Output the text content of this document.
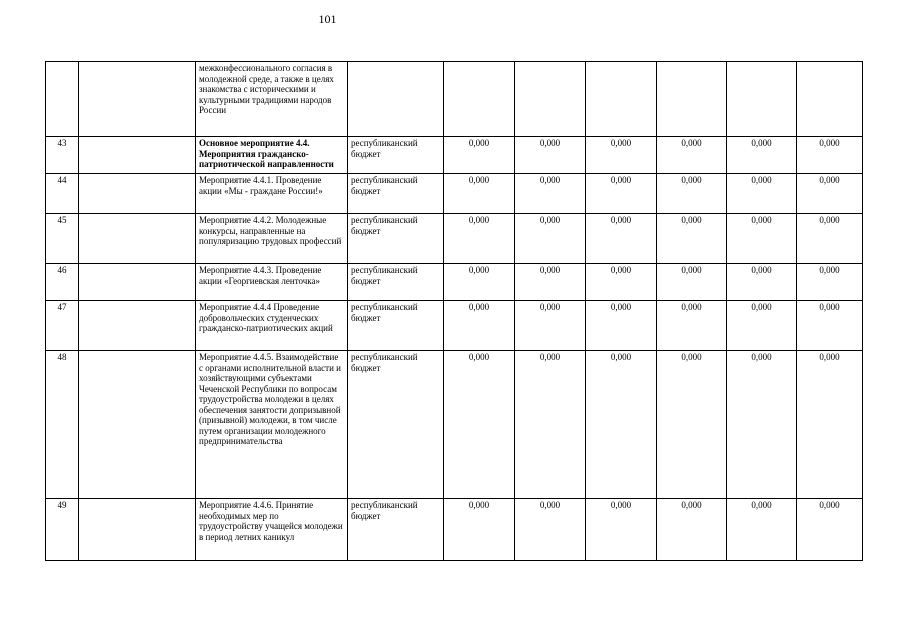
101
		межконфессионального согласия в молодежной среде, а также в целях знакомства с историческими и культурными традициями народов России							
43		Основное мероприятие 4.4. Мероприятия гражданско-патриотической направленности	республиканский бюджет	0,000	0,000	0,000	0,000	0,000	0,000
44		Мероприятие 4.4.1. Проведение акции «Мы - граждане России!»	республиканский бюджет	0,000	0,000	0,000	0,000	0,000	0,000
45		Мероприятие 4.4.2. Молодежные конкурсы, направленные на популяризацию трудовых профессий	республиканский бюджет	0,000	0,000	0,000	0,000	0,000	0,000
46		Мероприятие 4.4.3. Проведение акции «Георгиевская ленточка»	республиканский бюджет	0,000	0,000	0,000	0,000	0,000	0,000
47		Мероприятие 4.4.4 Проведение добровольческих студенческих гражданско-патриотических акций	республиканский бюджет	0,000	0,000	0,000	0,000	0,000	0,000
48		Мероприятие 4.4.5. Взаимодействие с органами исполнительной власти и хозяйствующими субъектами Чеченской Республики по вопросам трудоустройства молодежи в целях обеспечения занятости допризывной (призывной) молодежи, в том числе путем организации молодежного предпринимательства	республиканский бюджет	0,000	0,000	0,000	0,000	0,000	0,000
49		Мероприятие 4.4.6. Принятие необходимых мер по трудоустройству учащейся молодежи в период летних каникул	республиканский бюджет	0,000	0,000	0,000	0,000	0,000	0,000
